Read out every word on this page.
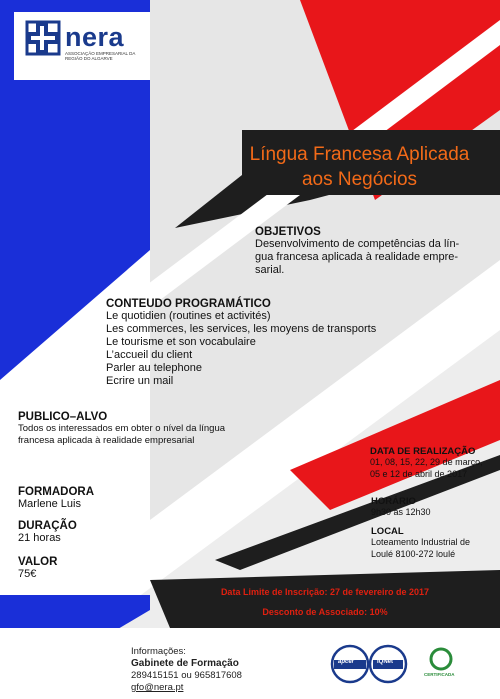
nera
ASSOCIAÇÃO EMPRESARIAL DA REGIÃO DO ALGARVE
Língua Francesa Aplicada
aos Negócios
OBJETIVOS
Desenvolvimento de competências da lín-
gua francesa aplicada à realidade empre-
sarial.
CONTEUDO PROGRAMÁTICO
Le quotidien (routines et activités)
Les commerces, les services, les moyens de transports
Le tourisme et son vocabulaire
L’accueil du client
Parler au telephone
Ecrire un mail
PUBLICO–ALVO
Todos os interessados em obter o nível da língua
francesa aplicada à realidade empresarial
DATA DE REALIZAÇÃO
01, 08, 15, 22, 29 de março,
05 e 12 de abril de 2017
FORMADORA
Marlene Luis	HORÁRIO
9h30 às 12h30
DURAÇÃO
21 horas
LOCAL
Loteamento Industrial de
Loulé 8100-272 loulé
VALOR
75€
Data Limite de Inscrição: 27 de fevereiro de 2017
Desconto de Associado: 10%
Informações:
Gabinete de Formação
289415151 ou 965817608
gfo@nera.pt
apcer	IQNet
CERTIFICADA
